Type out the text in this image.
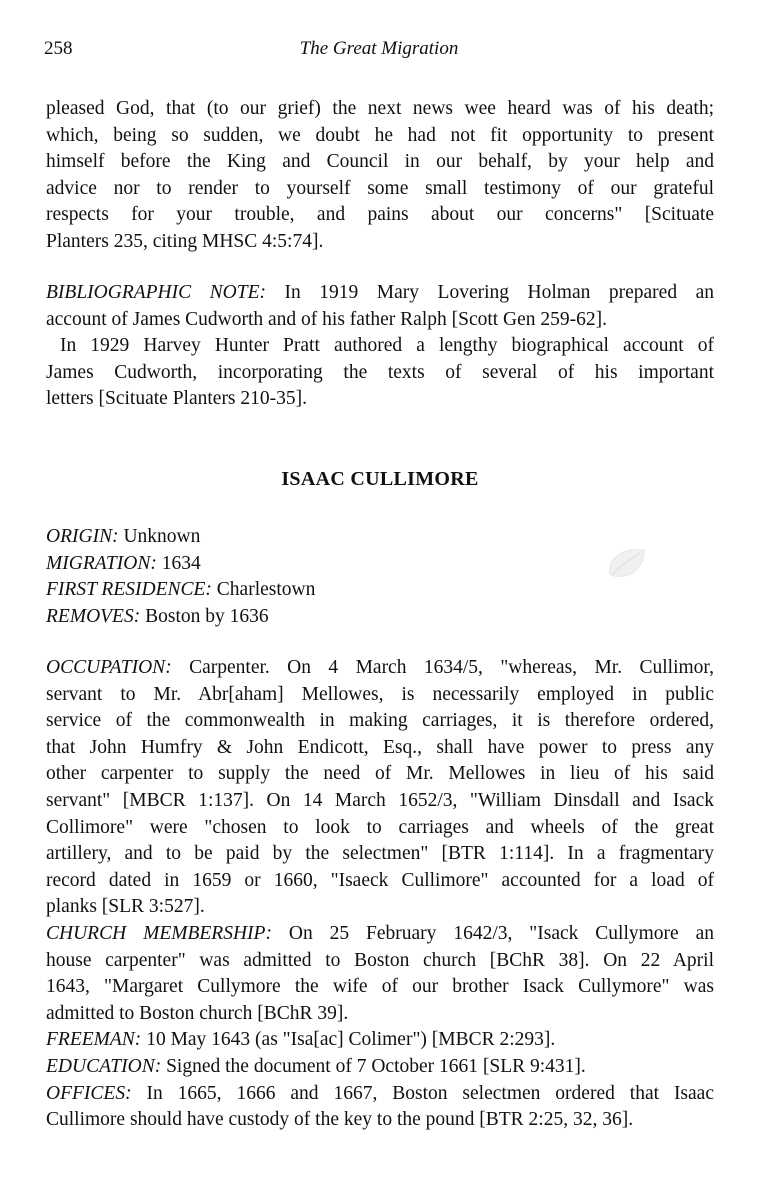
258	The Great Migration
pleased God, that (to our grief) the next news wee heard was of his death;
which, being so sudden, we doubt he had not fit opportunity to present
himself before the King and Council in our behalf, by your help and
advice nor to render to yourself some small testimony of our grateful
respects for your trouble, and pains about our concerns" [Scituate
Planters 235, citing MHSC 4:5:74].
BIBLIOGRAPHIC NOTE: In 1919 Mary Lovering Holman prepared an
account of James Cudworth and of his father Ralph [Scott Gen 259-62].
In 1929 Harvey Hunter Pratt authored a lengthy biographical account of
James Cudworth, incorporating the texts of several of his important
letters [Scituate Planters 210-35].
ISAAC CULLIMORE
ORIGIN: Unknown
MIGRATION: 1634
FIRST RESIDENCE: Charlestown
REMOVES: Boston by 1636
OCCUPATION: Carpenter. On 4 March 1634/5, "whereas, Mr. Cullimor,
servant to Mr. Abr[aham] Mellowes, is necessarily employed in public
service of the commonwealth in making carriages, it is therefore ordered,
that John Humfry & John Endicott, Esq., shall have power to press any
other carpenter to supply the need of Mr. Mellowes in lieu of his said
servant" [MBCR 1:137]. On 14 March 1652/3, "William Dinsdall and Isack
Collimore" were "chosen to look to carriages and wheels of the great
artillery, and to be paid by the selectmen" [BTR 1:114]. In a fragmentary
record dated in 1659 or 1660, "Isaeck Cullimore" accounted for a load of
planks [SLR 3:527].
CHURCH MEMBERSHIP: On 25 February 1642/3, "Isack Cullymore an
house carpenter" was admitted to Boston church [BChR 38]. On 22 April
1643, "Margaret Cullymore the wife of our brother Isack Cullymore" was
admitted to Boston church [BChR 39].
FREEMAN: 10 May 1643 (as "Isa[ac] Colimer") [MBCR 2:293].
EDUCATION: Signed the document of 7 October 1661 [SLR 9:431].
OFFICES: In 1665, 1666 and 1667, Boston selectmen ordered that Isaac
Cullimore should have custody of the key to the pound [BTR 2:25, 32, 36].
